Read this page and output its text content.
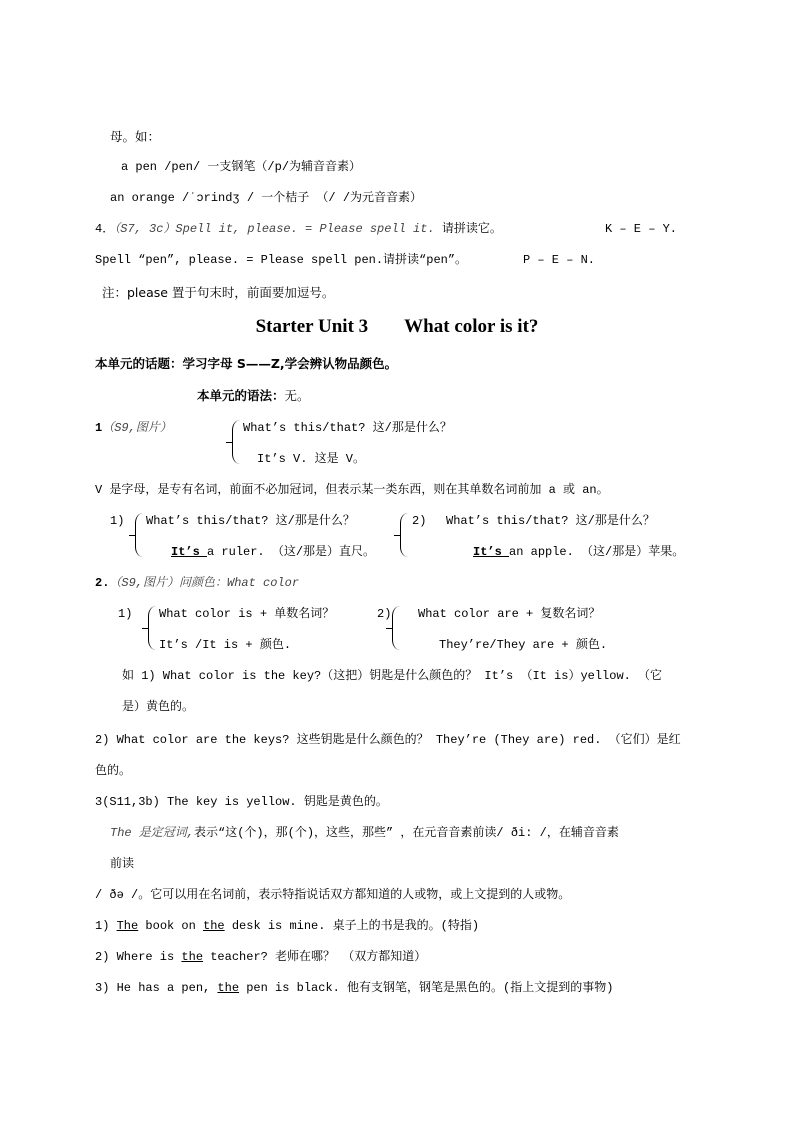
母。如：
a pen /pen/ 一支钢笔（/p/为辅音音素）
an orange /ˈɔrindʒ / 一个桔子 （/ /为元音音素）
4．（S7, 3c）Spell it, please. = Please spell it. 请拼读它。	K – E – Y.
Spell “pen”, please. = Please spell pen.请拼读“pen”。	P – E – N.
注：please 置于句末时，前面要加逗号。
Starter Unit 3 What color is it?
本单元的话题：学习字母 S——Z,学会辨认物品颜色。
本单元的语法：无。
1（S9,图片）	What’s this/that? 这/那是什么？
It’s V. 这是 V。
V 是字母，是专有名词，前面不必加冠词，但表示某一类东西，则在其单数名词前加 a 或 an。
1) What’s this/that? 这/那是什么？
It’s a ruler. （这/那是）直尺。
2) What’s this/that? 这/那是什么？
It’s an apple. （这/那是）苹果。
2.（S9,图片）问颜色：What color
1) What color is + 单数名词？
It’s /It is + 颜色.
2) What color are + 复数名词？
They’re/They are + 颜色.
如 1) What color is the key?（这把）钥匙是什么颜色的？ It’s （It is）yellow. （它
是）黄色的。
2) What color are the keys? 这些钥匙是什么颜色的？ They’re (They are) red. （它们）是红
色的。
3(S11,3b) The key is yellow. 钥匙是黄色的。
The 是定冠词,表示“这(个)，那(个)，这些，那些” ，在元音音素前读/ ði: /，在辅音音素
前读
/ ðə /。它可以用在名词前，表示特指说话双方都知道的人或物，或上文提到的人或物。
1) The book on the desk is mine. 桌子上的书是我的。(特指)
2) Where is the teacher? 老师在哪？ （双方都知道）
3) He has a pen, the pen is black. 他有支钢笔，钢笔是黑色的。(指上文提到的事物)
